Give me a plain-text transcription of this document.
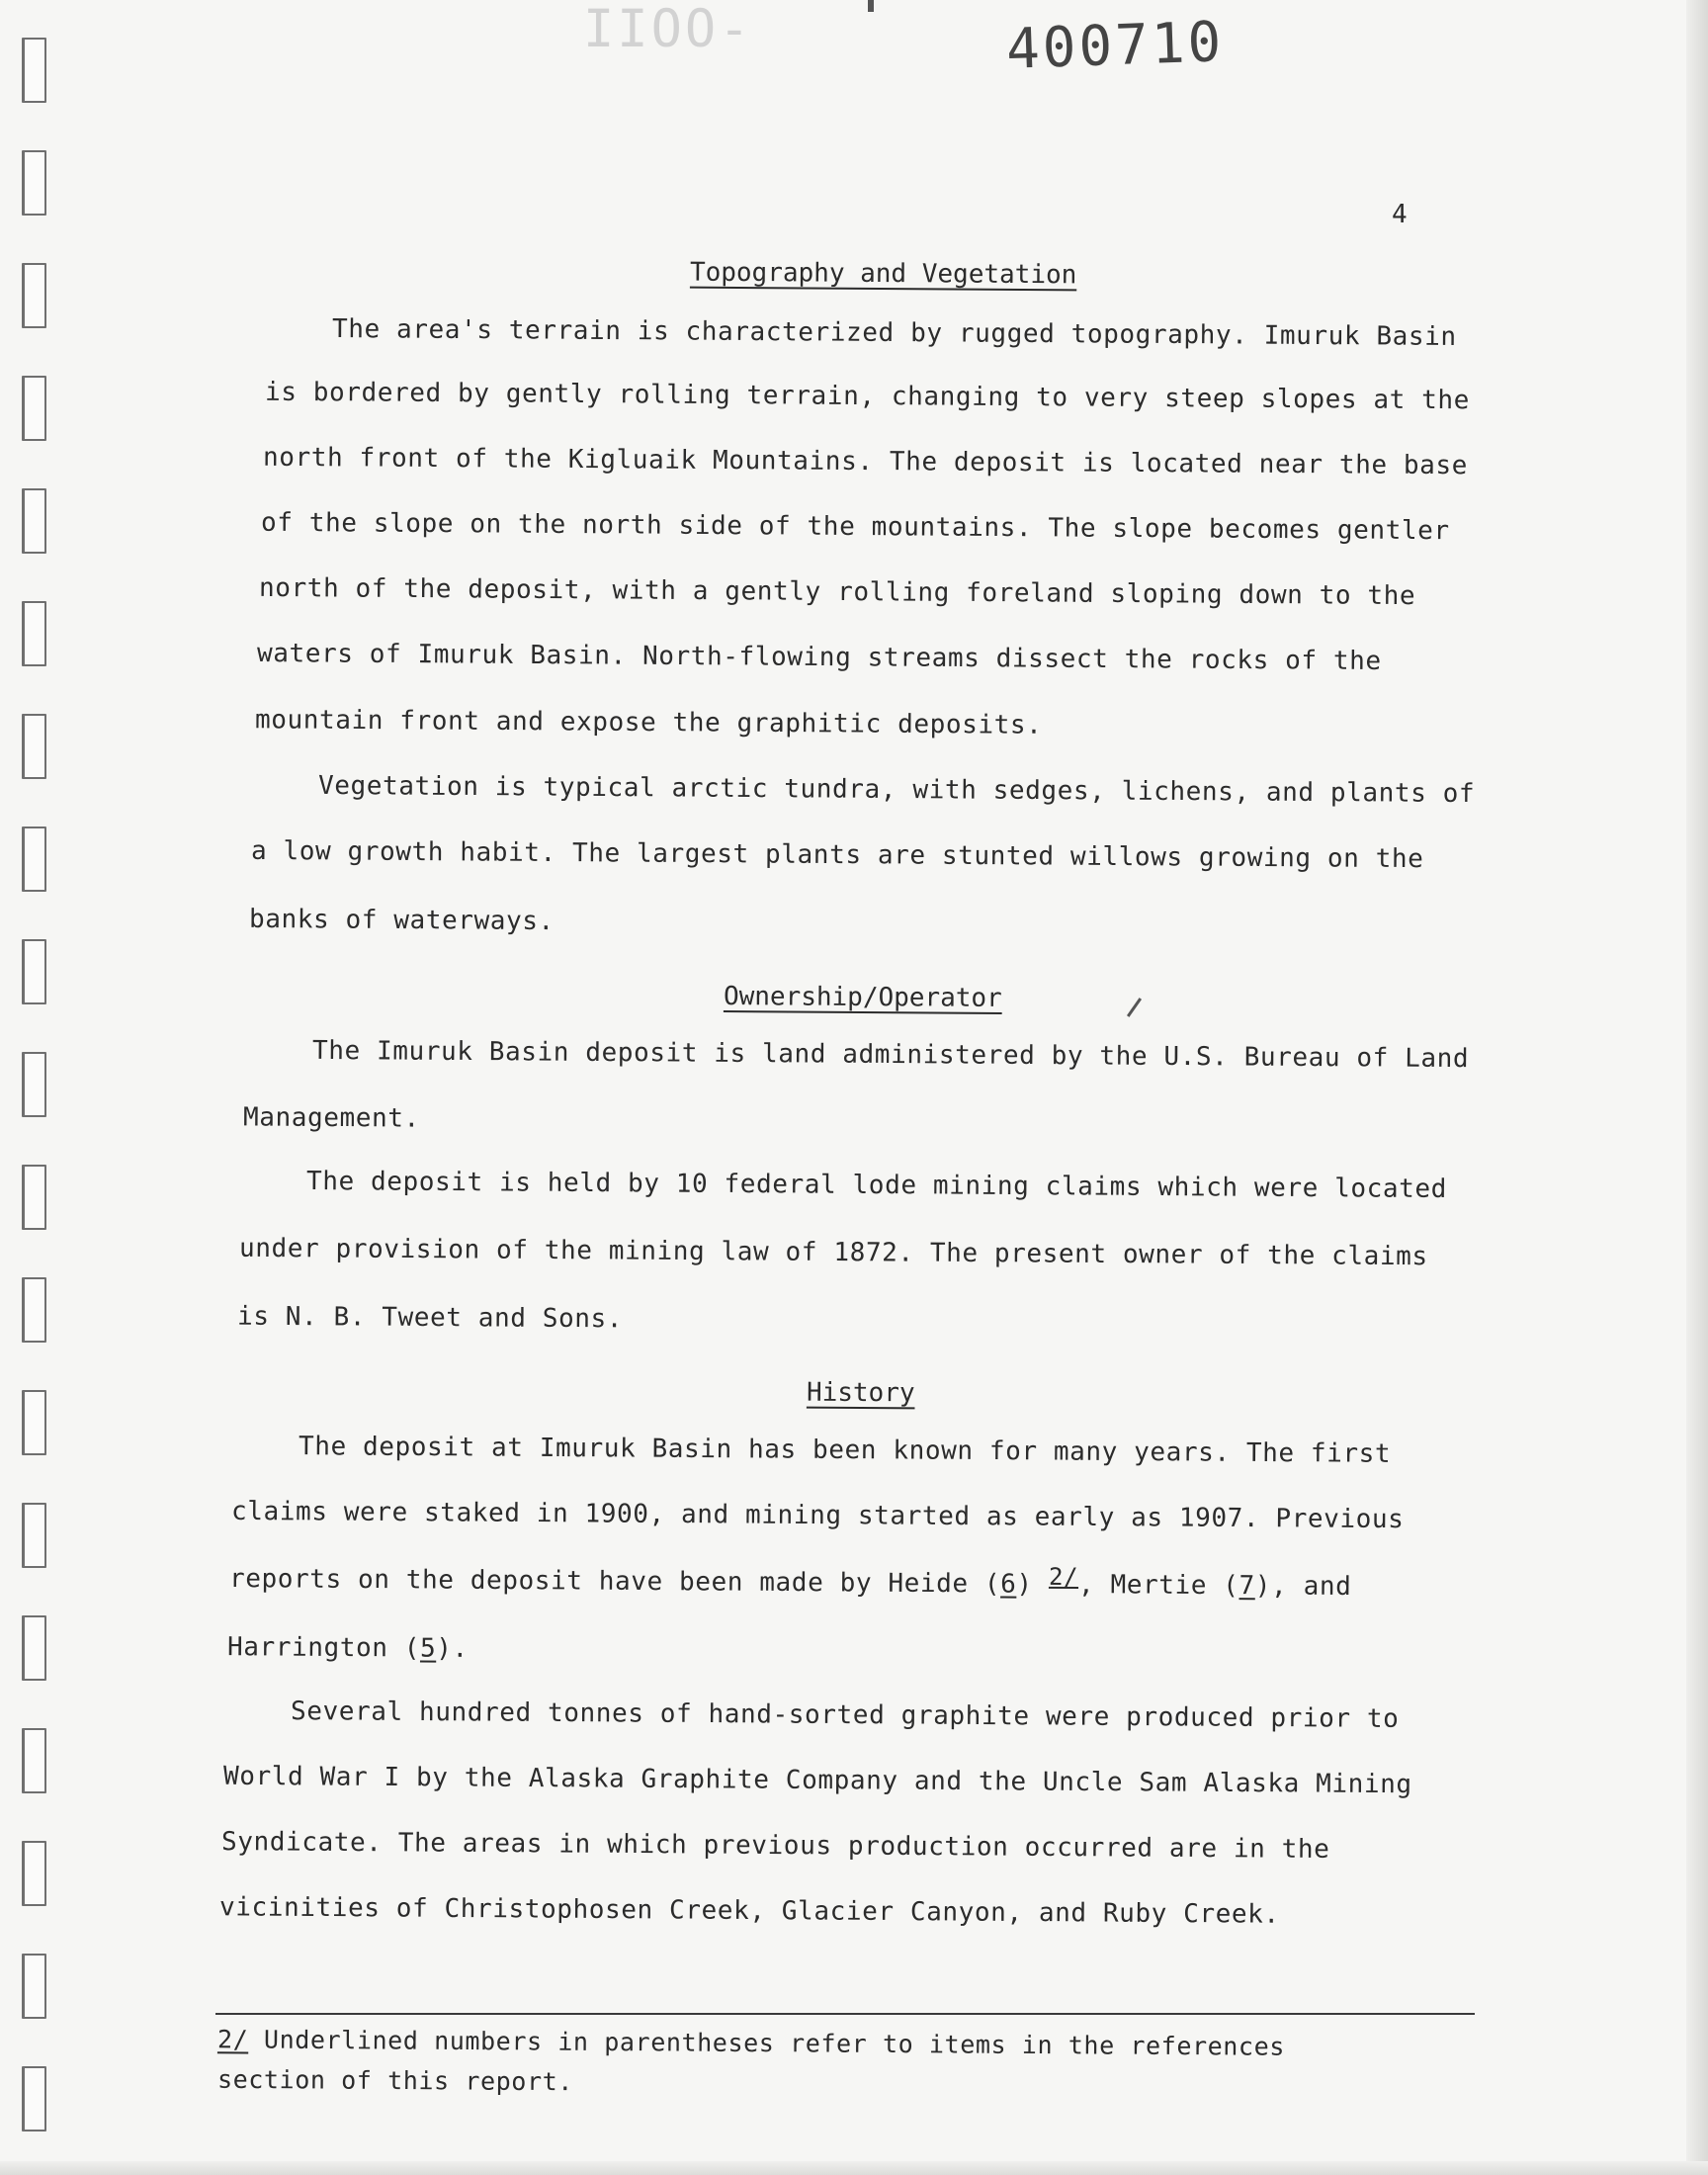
ΙΙΟΟ-	400710
4
Topography and Vegetation
The area's terrain is characterized by rugged topography. Imuruk Basin
is bordered by gently rolling terrain, changing to very steep slopes at the
north front of the Kigluaik Mountains. The deposit is located near the base
of the slope on the north side of the mountains. The slope becomes gentler
north of the deposit, with a gently rolling foreland sloping down to the
waters of Imuruk Basin. North-flowing streams dissect the rocks of the
mountain front and expose the graphitic deposits.
Vegetation is typical arctic tundra, with sedges, lichens, and plants of
a low growth habit. The largest plants are stunted willows growing on the
banks of waterways.
Ownership/Operator
The Imuruk Basin deposit is land administered by the U.S. Bureau of Land
Management.
The deposit is held by 10 federal lode mining claims which were located
under provision of the mining law of 1872. The present owner of the claims
is N. B. Tweet and Sons.
History
The deposit at Imuruk Basin has been known for many years. The first
claims were staked in 1900, and mining started as early as 1907. Previous
reports on the deposit have been made by Heide (6) 2/, Mertie (7), and
Harrington (5).
Several hundred tonnes of hand-sorted graphite were produced prior to
World War I by the Alaska Graphite Company and the Uncle Sam Alaska Mining
Syndicate. The areas in which previous production occurred are in the
vicinities of Christophosen Creek, Glacier Canyon, and Ruby Creek.
2/ Underlined numbers in parentheses refer to items in the references
section of this report.
